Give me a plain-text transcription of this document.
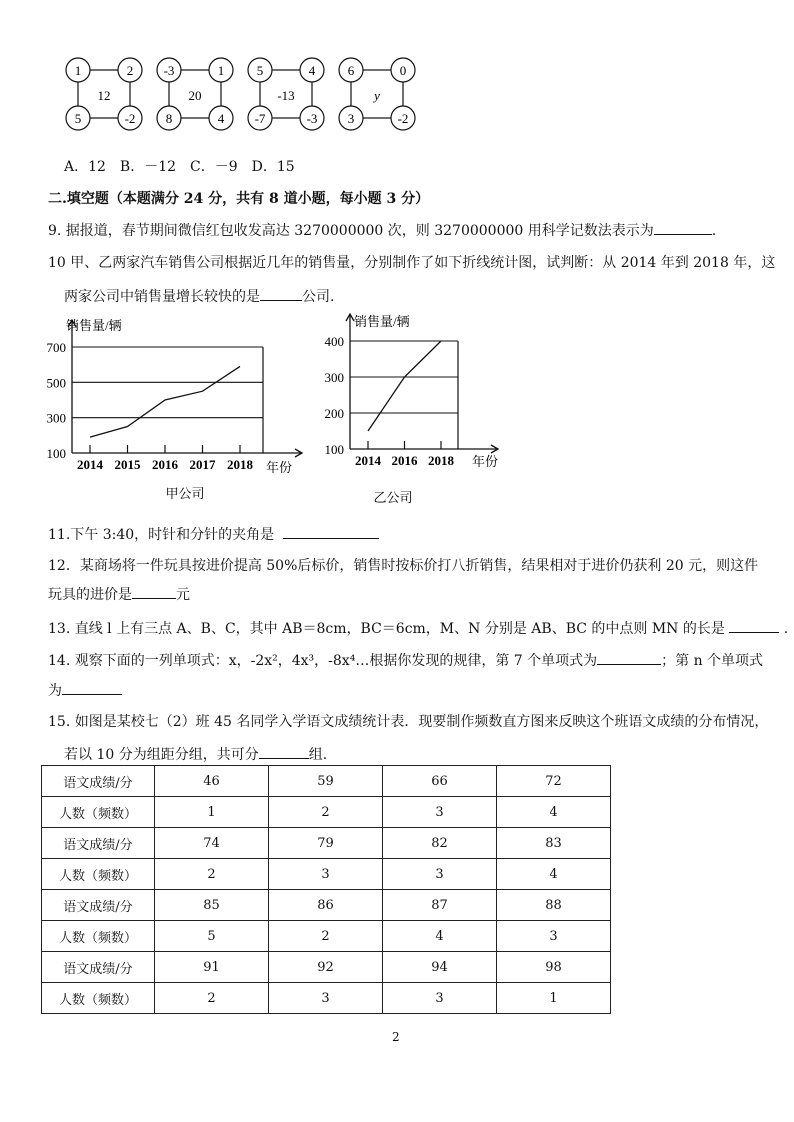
1	2
5	-2
12
-3	1
8	4
20
5	4
-7	-3
-13
6	0
3	-2
y
A．12　B．－12　C．－9　D．15
二.填空题（本题满分 24 分，共有 8 道小题，每小题 3 分）
9. 据报道，春节期间微信红包收发高达 3270000000 次，则 3270000000 用科学记数法表示为	.
10 甲、乙两家汽车销售公司根据近几年的销售量，分别制作了如下折线统计图，试判断：从 2014 年到 2018 年，这
两家公司中销售量增长较快的是	公司.
100
300
500
700
2014 2015 2016 2017 2018
销售量/辆
年份
甲公司
100
200
300
400
2014 2016 2018
销售量/辆
年份
乙公司
11.下午 3:40，时针和分针的夹角是
12．某商场将一件玩具按进价提高 50%后标价，销售时按标价打八折销售，结果相对于进价仍获利 20 元，则这件
玩具的进价是	元
13. 直线 l 上有三点 A、B、C，其中 AB＝8cm，BC＝6cm，M、N 分别是 AB、BC 的中点则 MN 的长是	.
14. 观察下面的一列单项式：x，-2x²，4x³，-8x⁴…根据你发现的规律，第 7 个单项式为	；第 n 个单项式
为
15. 如图是某校七（2）班 45 名同学入学语文成绩统计表．现要制作频数直方图来反映这个班语文成绩的分布情况，
若以 10 分为组距分组，共可分	组.
语文成绩/分	46	59	66	72
人数（频数）	1	2	3	4
语文成绩/分	74	79	82	83
人数（频数）	2	3	3	4
语文成绩/分	85	86	87	88
人数（频数）	5	2	4	3
语文成绩/分	91	92	94	98
人数（频数）	2	3	3	1
2
